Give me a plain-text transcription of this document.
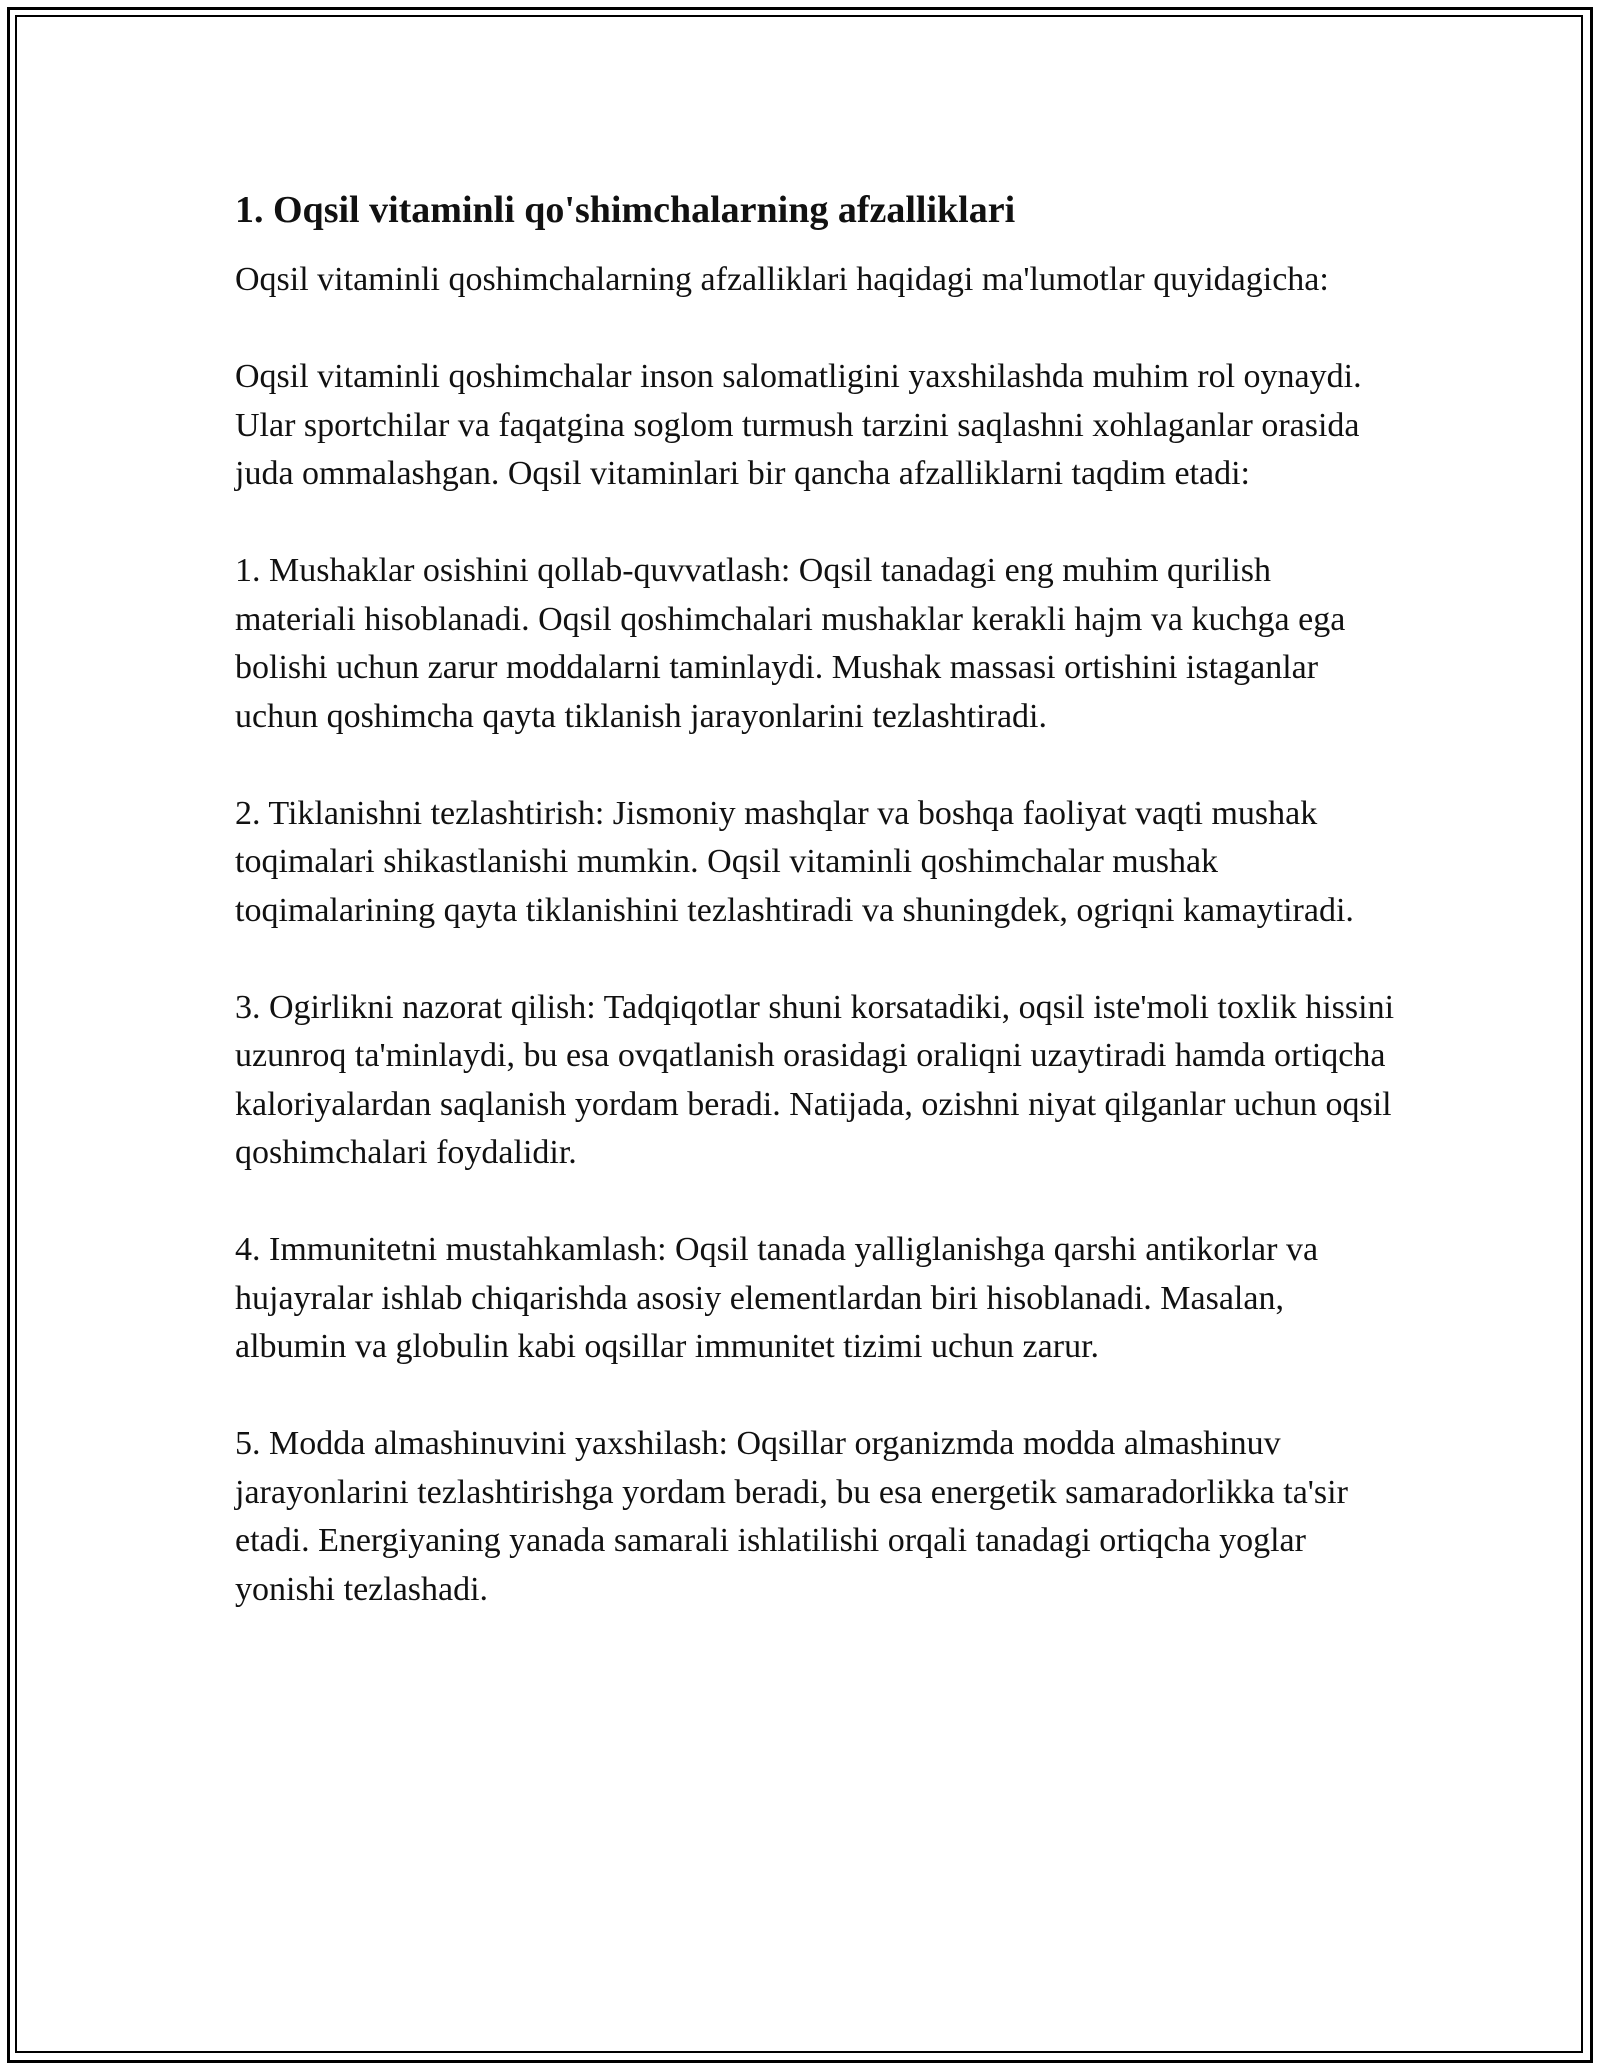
1. Oqsil vitaminli qo'shimchalarning afzalliklari

Oqsil vitaminli qoshimchalarning afzalliklari haqidagi ma'lumotlar quyidagicha:

Oqsil vitaminli qoshimchalar inson salomatligini yaxshilashda muhim rol oynaydi. Ular sportchilar va faqatgina soglom turmush tarzini saqlashni xohlaganlar orasida juda ommalashgan. Oqsil vitaminlari bir qancha afzalliklarni taqdim etadi:

1. Mushaklar osishini qollab-quvvatlash: Oqsil tanadagi eng muhim qurilish materiali hisoblanadi. Oqsil qoshimchalari mushaklar kerakli hajm va kuchga ega bolishi uchun zarur moddalarni taminlaydi. Mushak massasi ortishini istaganlar uchun qoshimcha qayta tiklanish jarayonlarini tezlashtiradi.

2. Tiklanishni tezlashtirish: Jismoniy mashqlar va boshqa faoliyat vaqti mushak toqimalari shikastlanishi mumkin. Oqsil vitaminli qoshimchalar mushak toqimalarining qayta tiklanishini tezlashtiradi va shuningdek, ogriqni kamaytiradi.

3. Ogirlikni nazorat qilish: Tadqiqotlar shuni korsatadiki, oqsil iste'moli toxlik hissini uzunroq ta'minlaydi, bu esa ovqatlanish orasidagi oraliqni uzaytiradi hamda ortiqcha kaloriyalardan saqlanish yordam beradi. Natijada, ozishni niyat qilganlar uchun oqsil qoshimchalari foydalidir.

4. Immunitetni mustahkamlash: Oqsil tanada yalliglanishga qarshi antikorlar va hujayralar ishlab chiqarishda asosiy elementlardan biri hisoblanadi. Masalan, albumin va globulin kabi oqsillar immunitet tizimi uchun zarur.

5. Modda almashinuvini yaxshilash: Oqsillar organizmda modda almashinuv jarayonlarini tezlashtirishga yordam beradi, bu esa energetik samaradorlikka ta'sir etadi. Energiyaning yanada samarali ishlatilishi orqali tanadagi ortiqcha yoglar yonishi tezlashadi.
